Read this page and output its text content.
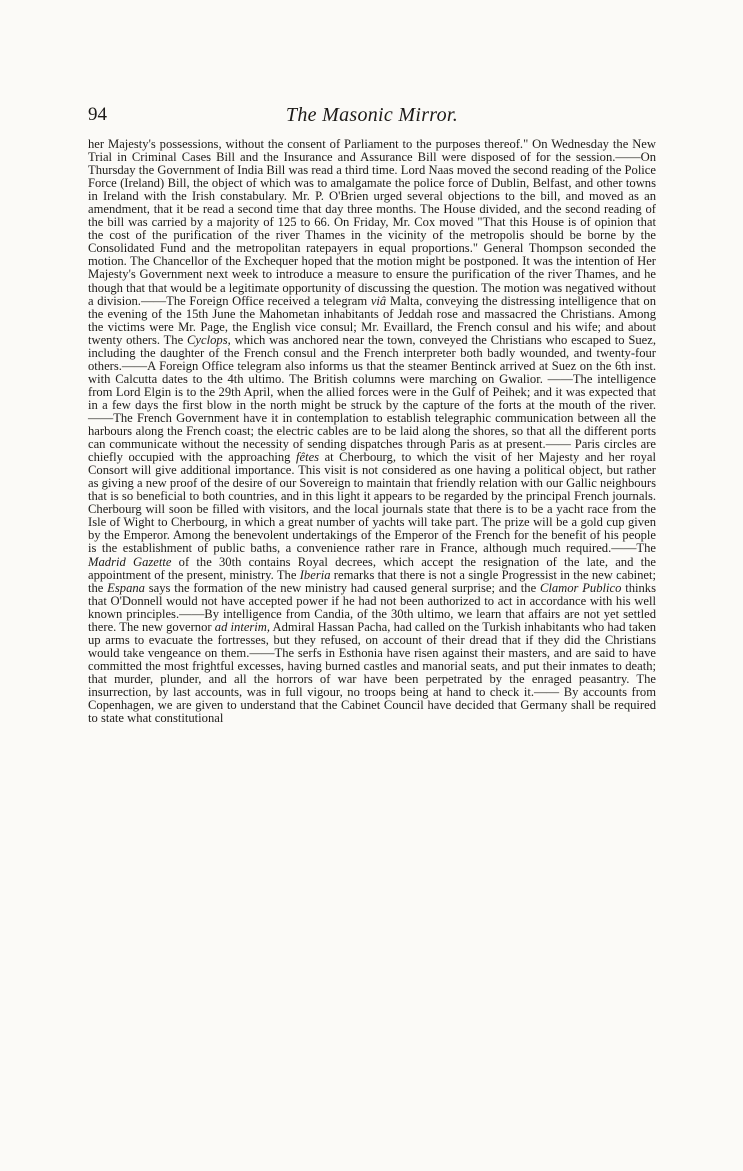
94	The Masonic Mirror.

her Majesty's possessions, without the consent of Parliament to the purposes thereof." On Wednesday the New Trial in Criminal Cases Bill and the Insurance and Assurance Bill were disposed of for the session.——On Thursday the Government of India Bill was read a third time. Lord Naas moved the second reading of the Police Force (Ireland) Bill, the object of which was to amalgamate the police force of Dublin, Belfast, and other towns in Ireland with the Irish constabulary. Mr. P. O'Brien urged several objections to the bill, and moved as an amendment, that it be read a second time that day three months. The House divided, and the second reading of the bill was carried by a majority of 125 to 66. On Friday, Mr. Cox moved "That this House is of opinion that the cost of the purification of the river Thames in the vicinity of the metropolis should be borne by the Consolidated Fund and the metropolitan ratepayers in equal proportions." General Thompson seconded the motion. The Chancellor of the Exchequer hoped that the motion might be postponed. It was the intention of Her Majesty's Government next week to introduce a measure to ensure the purification of the river Thames, and he though that that would be a legitimate opportunity of discussing the question. The motion was negatived without a division.——The Foreign Office received a telegram viâ Malta, conveying the distressing intelligence that on the evening of the 15th June the Mahometan inhabitants of Jeddah rose and massacred the Christians. Among the victims were Mr. Page, the English vice consul; Mr. Evaillard, the French consul and his wife; and about twenty others. The Cyclops, which was anchored near the town, conveyed the Christians who escaped to Suez, including the daughter of the French consul and the French interpreter both badly wounded, and twenty-four others.——A Foreign Office telegram also informs us that the steamer Bentinck arrived at Suez on the 6th inst. with Calcutta dates to the 4th ultimo. The British columns were marching on Gwalior. ——The intelligence from Lord Elgin is to the 29th April, when the allied forces were in the Gulf of Peihek; and it was expected that in a few days the first blow in the north might be struck by the capture of the forts at the mouth of the river. ——The French Government have it in contemplation to establish telegraphic communication between all the harbours along the French coast; the electric cables are to be laid along the shores, so that all the different ports can communicate without the necessity of sending dispatches through Paris as at present.—— Paris circles are chiefly occupied with the approaching fêtes at Cherbourg, to which the visit of her Majesty and her royal Consort will give additional importance. This visit is not considered as one having a political object, but rather as giving a new proof of the desire of our Sovereign to maintain that friendly relation with our Gallic neighbours that is so beneficial to both countries, and in this light it appears to be regarded by the principal French journals. Cherbourg will soon be filled with visitors, and the local journals state that there is to be a yacht race from the Isle of Wight to Cherbourg, in which a great number of yachts will take part. The prize will be a gold cup given by the Emperor. Among the benevolent undertakings of the Emperor of the French for the benefit of his people is the establishment of public baths, a convenience rather rare in France, although much required.——The Madrid Gazette of the 30th contains Royal decrees, which accept the resignation of the late, and the appointment of the present, ministry. The Iberia remarks that there is not a single Progressist in the new cabinet; the Espana says the formation of the new ministry had caused general surprise; and the Clamor Publico thinks that O'Donnell would not have accepted power if he had not been authorized to act in accordance with his well known principles.——By intelligence from Candia, of the 30th ultimo, we learn that affairs are not yet settled there. The new governor ad interim, Admiral Hassan Pacha, had called on the Turkish inhabitants who had taken up arms to evacuate the fortresses, but they refused, on account of their dread that if they did the Christians would take vengeance on them.——The serfs in Esthonia have risen against their masters, and are said to have committed the most frightful excesses, having burned castles and manorial seats, and put their inmates to death; that murder, plunder, and all the horrors of war have been perpetrated by the enraged peasantry. The insurrection, by last accounts, was in full vigour, no troops being at hand to check it.—— By accounts from Copenhagen, we are given to understand that the Cabinet Council have decided that Germany shall be required to state what constitutional
